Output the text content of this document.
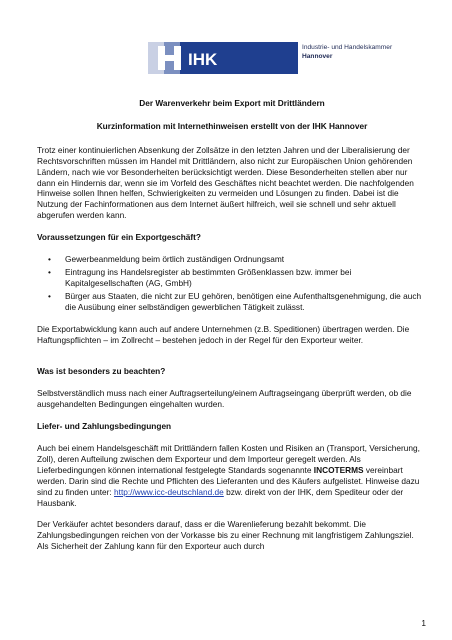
IHK
Industrie- und Handelskammer
Hannover
Der Warenverkehr beim Export mit Drittländern
Kurzinformation mit Internethinweisen erstellt von der IHK Hannover

Trotz einer kontinuierlichen Absenkung der Zollsätze in den letzten Jahren und der Liberalisierung der Rechtsvorschriften müssen im Handel mit Drittländern, also nicht zur Europäischen Union gehörenden Ländern, nach wie vor Besonderheiten berücksichtigt werden. Diese Besonderheiten stellen aber nur dann ein Hindernis dar, wenn sie im Vorfeld des Geschäftes nicht beachtet werden. Die nachfolgenden Hinweise sollen Ihnen helfen, Schwierigkeiten zu vermeiden und Lösungen zu finden. Dabei ist die Nutzung der Fachinformationen aus dem Internet äußert hilfreich, weil sie schnell und sehr aktuell abgerufen werden kann.

Voraussetzungen für ein Exportgeschäft?
• Gewerbeanmeldung beim örtlich zuständigen Ordnungsamt
• Eintragung ins Handelsregister ab bestimmten Größenklassen bzw. immer bei Kapitalgesellschaften (AG, GmbH)
• Bürger aus Staaten, die nicht zur EU gehören, benötigen eine Aufenthaltsgenehmigung, die auch die Ausübung einer selbständigen gewerblichen Tätigkeit zulässt.

Die Exportabwicklung kann auch auf andere Unternehmen (z.B. Speditionen) übertragen werden. Die Haftungspflichten – im Zollrecht – bestehen jedoch in der Regel für den Exporteur weiter.

Was ist besonders zu beachten?

Selbstverständlich muss nach einer Auftragserteilung/einem Auftragseingang überprüft werden, ob die ausgehandelten Bedingungen eingehalten wurden.

Liefer- und Zahlungsbedingungen

Auch bei einem Handelsgeschäft mit Drittländern fallen Kosten und Risiken an (Transport, Versicherung, Zoll), deren Aufteilung zwischen dem Exporteur und dem Importeur geregelt werden. Als Lieferbedingungen können international festgelegte Standards sogenannte INCOTERMS vereinbart werden. Darin sind die Rechte und Pflichten des Lieferanten und des Käufers aufgelistet. Hinweise dazu sind zu finden unter: http://www.icc-deutschland.de bzw. direkt von der IHK, dem Spediteur oder der Hausbank.

Der Verkäufer achtet besonders darauf, dass er die Warenlieferung bezahlt bekommt. Die Zahlungsbedingungen reichen von der Vorkasse bis zu einer Rechnung mit langfristigem Zahlungsziel. Als Sicherheit der Zahlung kann für den Exporteur auch durch

1
